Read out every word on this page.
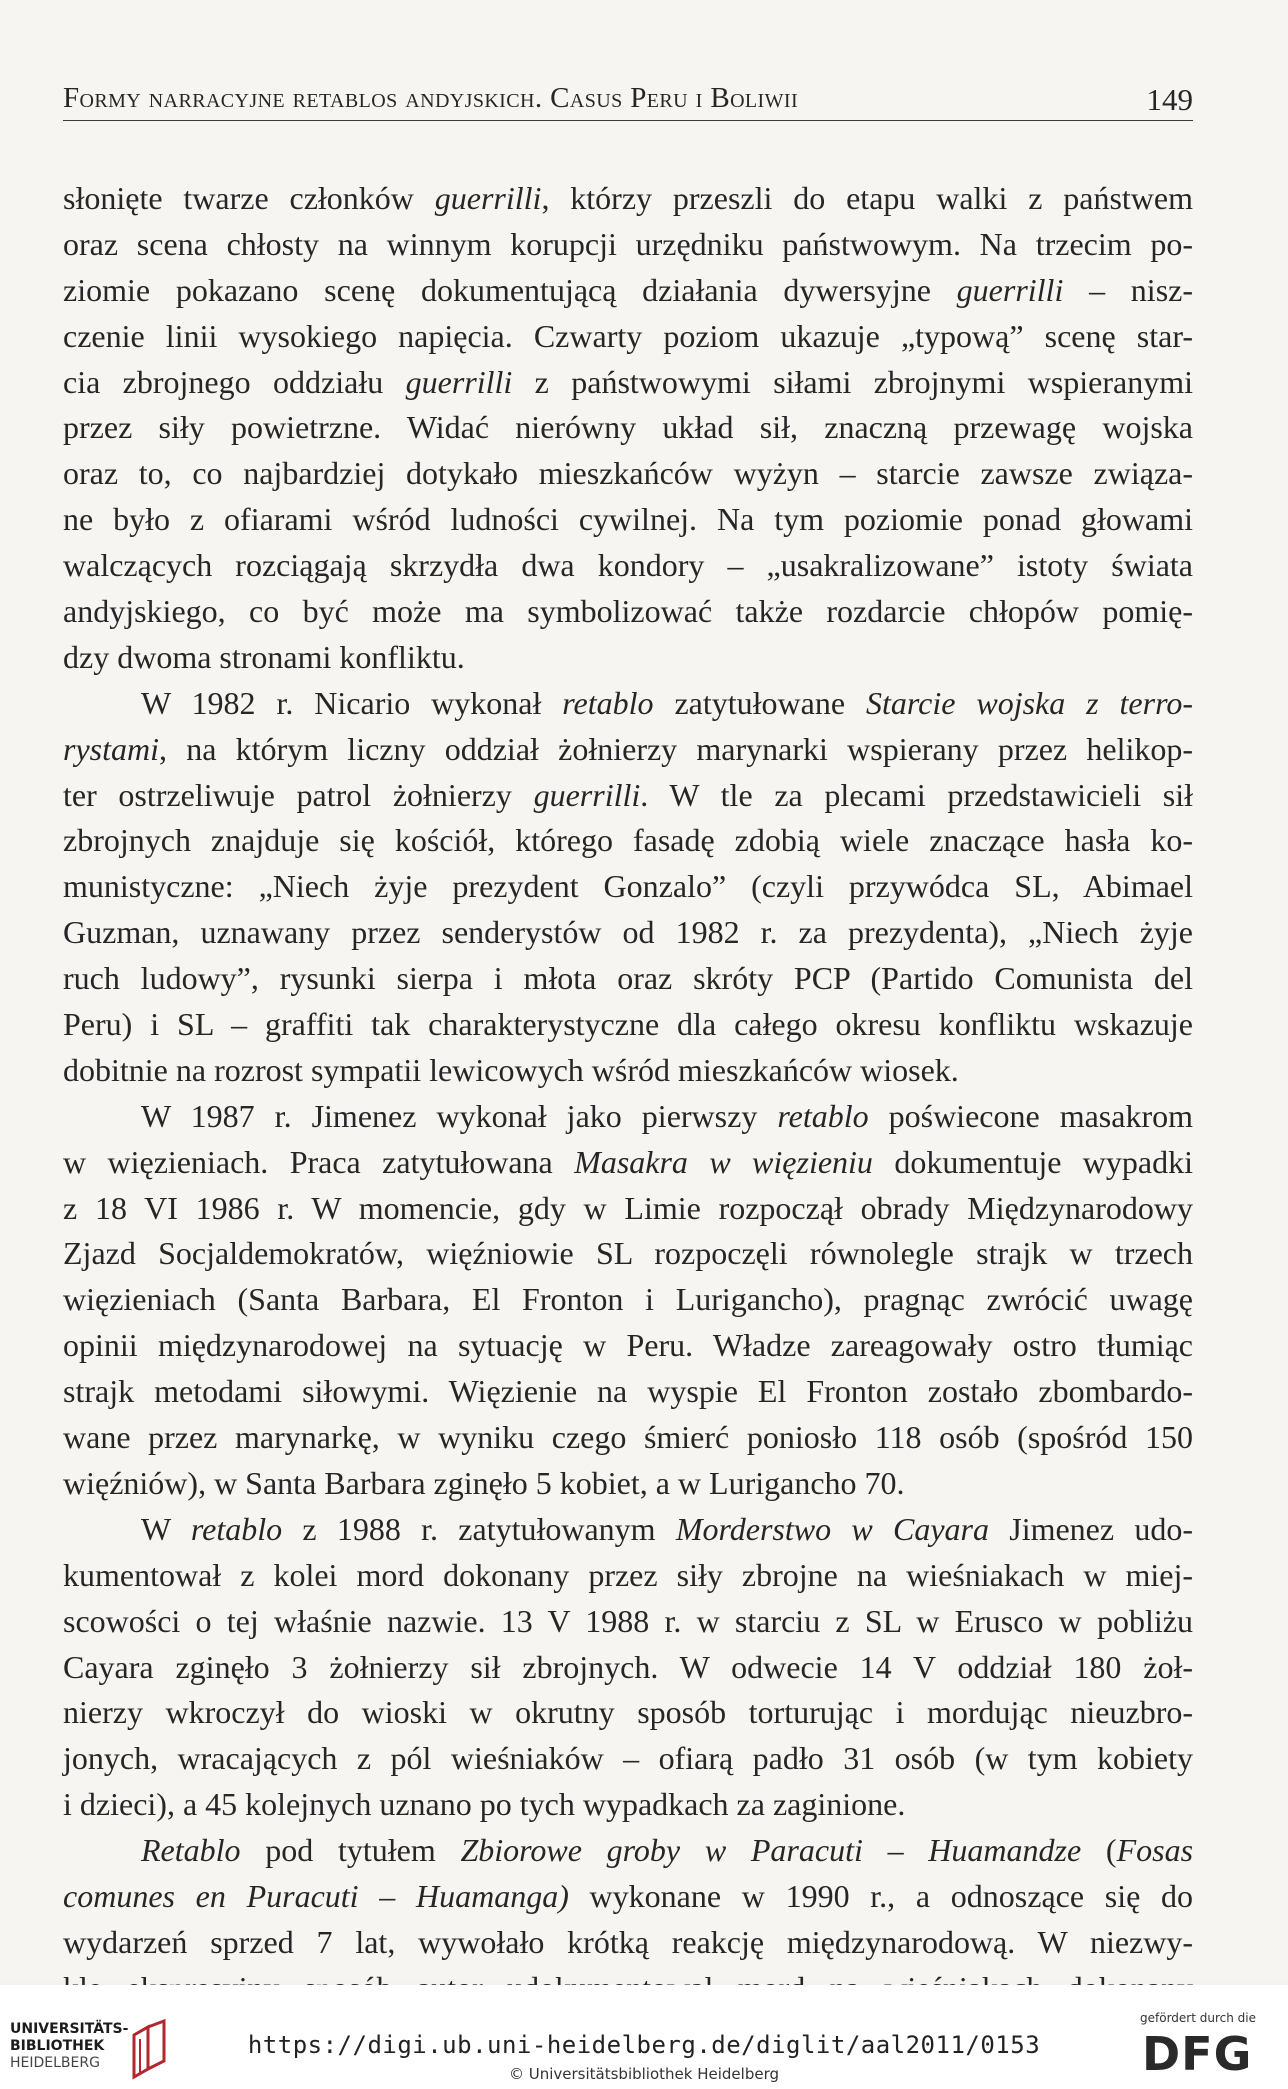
Formy narracyjne retablos andyjskich. Casus Peru i Boliwii	149
słonięte twarze członków guerrilli, którzy przeszli do etapu walki z państwem
oraz scena chłosty na winnym korupcji urzędniku państwowym. Na trzecim po-
ziomie pokazano scenę dokumentującą działania dywersyjne guerrilli – nisz-
czenie linii wysokiego napięcia. Czwarty poziom ukazuje „typową” scenę star-
cia zbrojnego oddziału guerrilli z państwowymi siłami zbrojnymi wspieranymi
przez siły powietrzne. Widać nierówny układ sił, znaczną przewagę wojska
oraz to, co najbardziej dotykało mieszkańców wyżyn – starcie zawsze związa-
ne było z ofiarami wśród ludności cywilnej. Na tym poziomie ponad głowami
walczących rozciągają skrzydła dwa kondory – „usakralizowane” istoty świata
andyjskiego, co być może ma symbolizować także rozdarcie chłopów pomię-
dzy dwoma stronami konfliktu.
W 1982 r. Nicario wykonał retablo zatytułowane Starcie wojska z terro-
rystami, na którym liczny oddział żołnierzy marynarki wspierany przez helikop-
ter ostrzeliwuje patrol żołnierzy guerrilli. W tle za plecami przedstawicieli sił
zbrojnych znajduje się kościół, którego fasadę zdobią wiele znaczące hasła ko-
munistyczne: „Niech żyje prezydent Gonzalo” (czyli przywódca SL, Abimael
Guzman, uznawany przez senderystów od 1982 r. za prezydenta), „Niech żyje
ruch ludowy”, rysunki sierpa i młota oraz skróty PCP (Partido Comunista del
Peru) i SL – graffiti tak charakterystyczne dla całego okresu konfliktu wskazuje
dobitnie na rozrost sympatii lewicowych wśród mieszkańców wiosek.
W 1987 r. Jimenez wykonał jako pierwszy retablo poświecone masakrom
w więzieniach. Praca zatytułowana Masakra w więzieniu dokumentuje wypadki
z 18 VI 1986 r. W momencie, gdy w Limie rozpoczął obrady Międzynarodowy
Zjazd Socjaldemokratów, więźniowie SL rozpoczęli równolegle strajk w trzech
więzieniach (Santa Barbara, El Fronton i Lurigancho), pragnąc zwrócić uwagę
opinii międzynarodowej na sytuację w Peru. Władze zareagowały ostro tłumiąc
strajk metodami siłowymi. Więzienie na wyspie El Fronton zostało zbombardo-
wane przez marynarkę, w wyniku czego śmierć poniosło 118 osób (spośród 150
więźniów), w Santa Barbara zginęło 5 kobiet, a w Lurigancho 70.
W retablo z 1988 r. zatytułowanym Morderstwo w Cayara Jimenez udo-
kumentował z kolei mord dokonany przez siły zbrojne na wieśniakach w miej-
scowości o tej właśnie nazwie. 13 V 1988 r. w starciu z SL w Erusco w pobliżu
Cayara zginęło 3 żołnierzy sił zbrojnych. W odwecie 14 V oddział 180 żoł-
nierzy wkroczył do wioski w okrutny sposób torturując i mordując nieuzbro-
jonych, wracających z pól wieśniaków – ofiarą padło 31 osób (w tym kobiety
i dzieci), a 45 kolejnych uznano po tych wypadkach za zaginione.
Retablo pod tytułem Zbiorowe groby w Paracuti – Huamandze (Fosas
comunes en Puracuti – Huamanga) wykonane w 1990 r., a odnoszące się do
wydarzeń sprzed 7 lat, wywołało krótką reakcję międzynarodową. W niezwy-
UNIVERSITÄTS-
BIBLIOTHEK
HEIDELBERG
https://digi.ub.uni-heidelberg.de/diglit/aal2011/0153
© Universitätsbibliothek Heidelberg
gefördert durch die
DFG
